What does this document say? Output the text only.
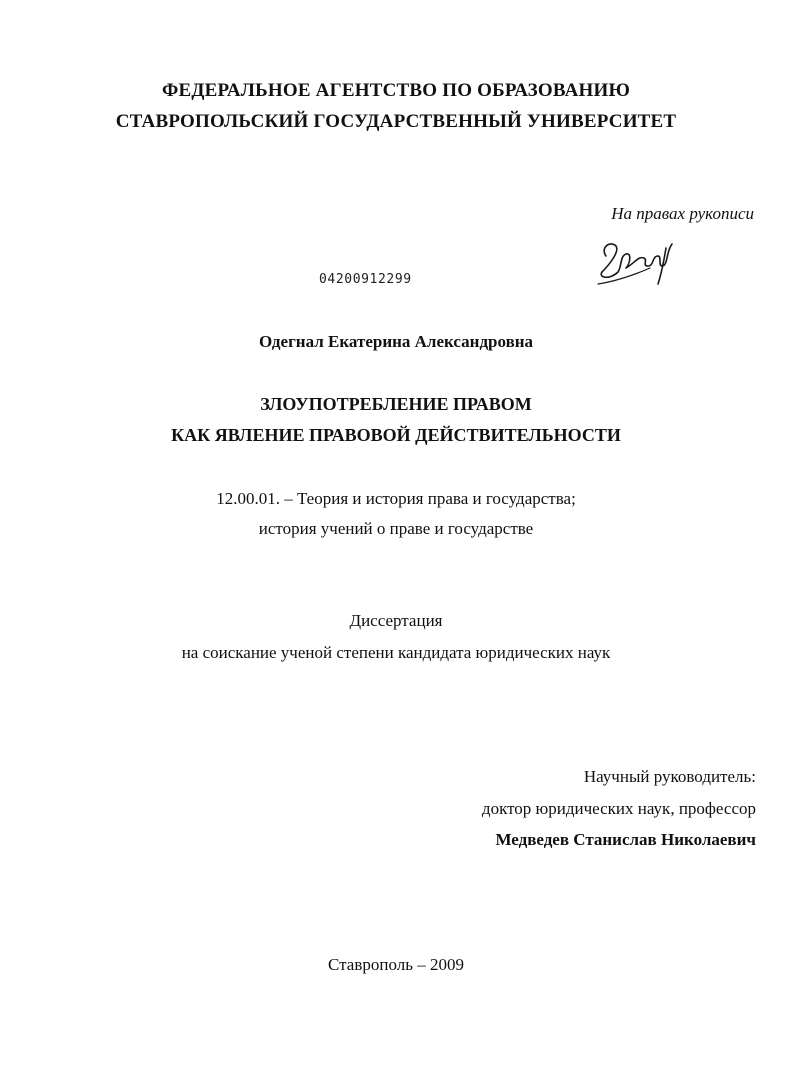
ФЕДЕРАЛЬНОЕ АГЕНТСТВО ПО ОБРАЗОВАНИЮ
СТАВРОПОЛЬСКИЙ ГОСУДАРСТВЕННЫЙ УНИВЕРСИТЕТ
На правах рукописи
04200912299
Одегнал Екатерина Александровна
ЗЛОУПОТРЕБЛЕНИЕ ПРАВОМ
КАК ЯВЛЕНИЕ ПРАВОВОЙ ДЕЙСТВИТЕЛЬНОСТИ
12.00.01. – Теория и история права и государства;
история учений о праве и государстве
Диссертация
на соискание ученой степени кандидата юридических наук
Научный руководитель:
доктор юридических наук, профессор
Медведев Станислав Николаевич
Ставрополь – 2009
